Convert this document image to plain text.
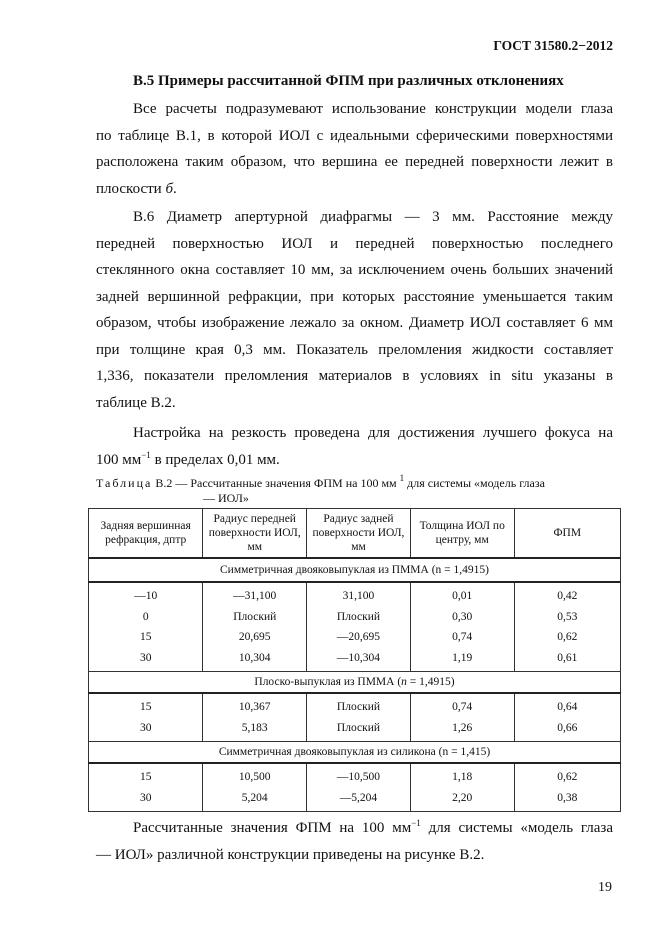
ГОСТ 31580.2−2012
В.5 Примеры рассчитанной ФПМ при различных отклонениях

Все расчеты подразумевают использование конструкции модели глаза

по таблице В.1, в которой ИОЛ с идеальными сферическими поверхностями

расположена таким образом, что вершина ее передней поверхности лежит в

плоскости б.

В.6 Диаметр апертурной диафрагмы — 3 мм. Расстояние между

передней поверхностью ИОЛ и передней поверхностью последнего

стеклянного окна составляет 10 мм, за исключением очень больших значений

задней вершинной рефракции, при которых расстояние уменьшается таким

образом, чтобы изображение лежало за окном. Диаметр ИОЛ составляет 6 мм

при толщине края 0,3 мм. Показатель преломления жидкости составляет

1,336, показатели преломления материалов в условиях in situ указаны в

таблице В.2.

Настройка на резкость проведена для достижения лучшего фокуса на

100 $мм^{-1}$ в пределах 0,01 мм.

Таблица В.2 — Рассчитанные значения ФПМ на 100 мм $^1$ для системы «модель глаза
— ИОЛ»
Задняя вершинная рефракция, дптр	Радиус передней поверхности ИОЛ, мм	Радиус задней поверхности ИОЛ, мм	Толщина ИОЛ по центру, мм	ФПМ
Симметричная двояковыпуклая из ПММА (n = 1,4915)				
—10	—31,100	31,100	0,01	0,42
0	Плоский	Плоский	0,30	0,53
15	20,695	—20,695	0,74	0,62
30	10,304	—10,304	1,19	0,61
Плоско-выпуклая из ПММА (n = 1,4915)				
15	10,367	Плоский	0,74	0,64
30	5,183	Плоский	1,26	0,66
Симметричная двояковыпуклая из силикона (n = 1,415)				
15	10,500	—10,500	1,18	0,62
30	5,204	—5,204	2,20	0,38

Рассчитанные значения ФПМ на 100 $мм^{-1}$ для системы «модель глаза

— ИОЛ» различной конструкции приведены на рисунке В.2.

19
